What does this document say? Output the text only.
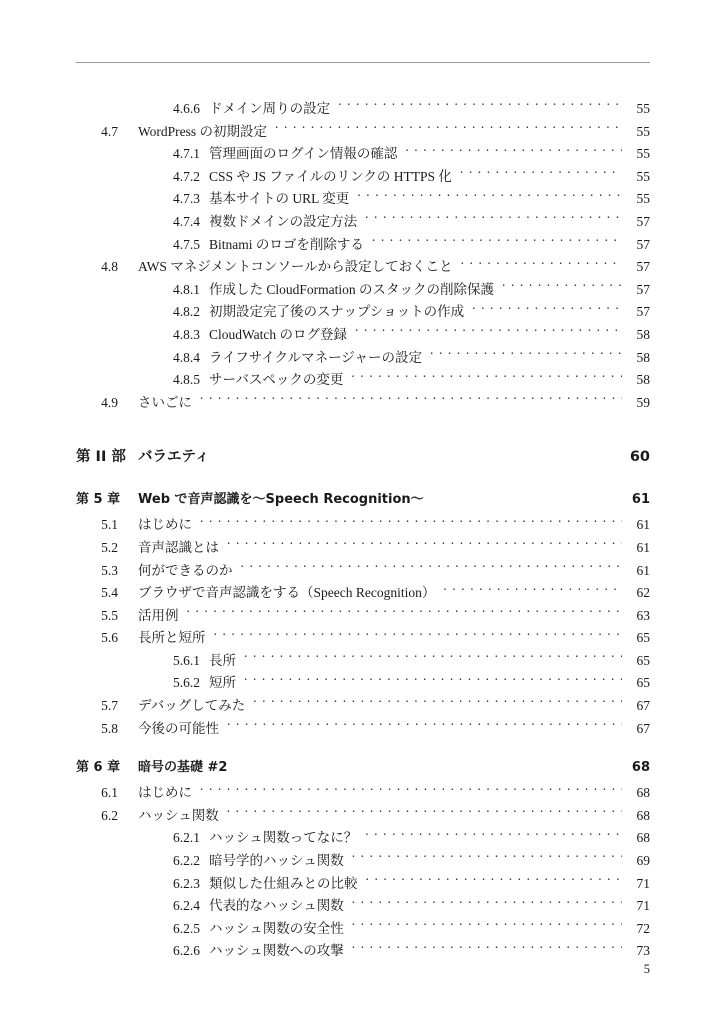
4.6.6 ドメイン周りの設定 . . .	55
4.7 WordPress の初期設定 . . .	55
4.7.1 管理画面のログイン情報の確認 . . .	55
4.7.2 CSS や JS ファイルのリンクの HTTPS 化 . . .	55
4.7.3 基本サイトの URL 変更 . . .	55
4.7.4 複数ドメインの設定方法 . . .	57
4.7.5 Bitnami のロゴを削除する . . .	57
4.8 AWS マネジメントコンソールから設定しておくこと . . .	57
4.8.1 作成した CloudFormation のスタックの削除保護 . . .	57
4.8.2 初期設定完了後のスナップショットの作成 . . .	57
4.8.3 CloudWatch のログ登録 . . .	58
4.8.4 ライフサイクルマネージャーの設定 . . .	58
4.8.5 サーバスペックの変更 . . .	58
4.9 さいごに . . .	59
第 II 部 バラエティ	60
第 5 章	Web で音声認識を〜Speech Recognition〜	61
5.1 はじめに . . .	61
5.2 音声認識とは . . .	61
5.3 何ができるのか . . .	61
5.4 ブラウザで音声認識をする（Speech Recognition） . . .	62
5.5 活用例 . . .	63
5.6 長所と短所 . . .	65
5.6.1 長所 . . .	65
5.6.2 短所 . . .	65
5.7 デバッグしてみた . . .	67
5.8 今後の可能性 . . .	67
第 6 章	暗号の基礎 #2	68
6.1 はじめに . . .	68
6.2 ハッシュ関数 . . .	68
6.2.1 ハッシュ関数ってなに？ . . .	68
6.2.2 暗号学的ハッシュ関数 . . .	69
6.2.3 類似した仕組みとの比較 . . .	71
6.2.4 代表的なハッシュ関数 . . .	71
6.2.5 ハッシュ関数の安全性 . . .	72
6.2.6 ハッシュ関数への攻撃 . . .	73
5
